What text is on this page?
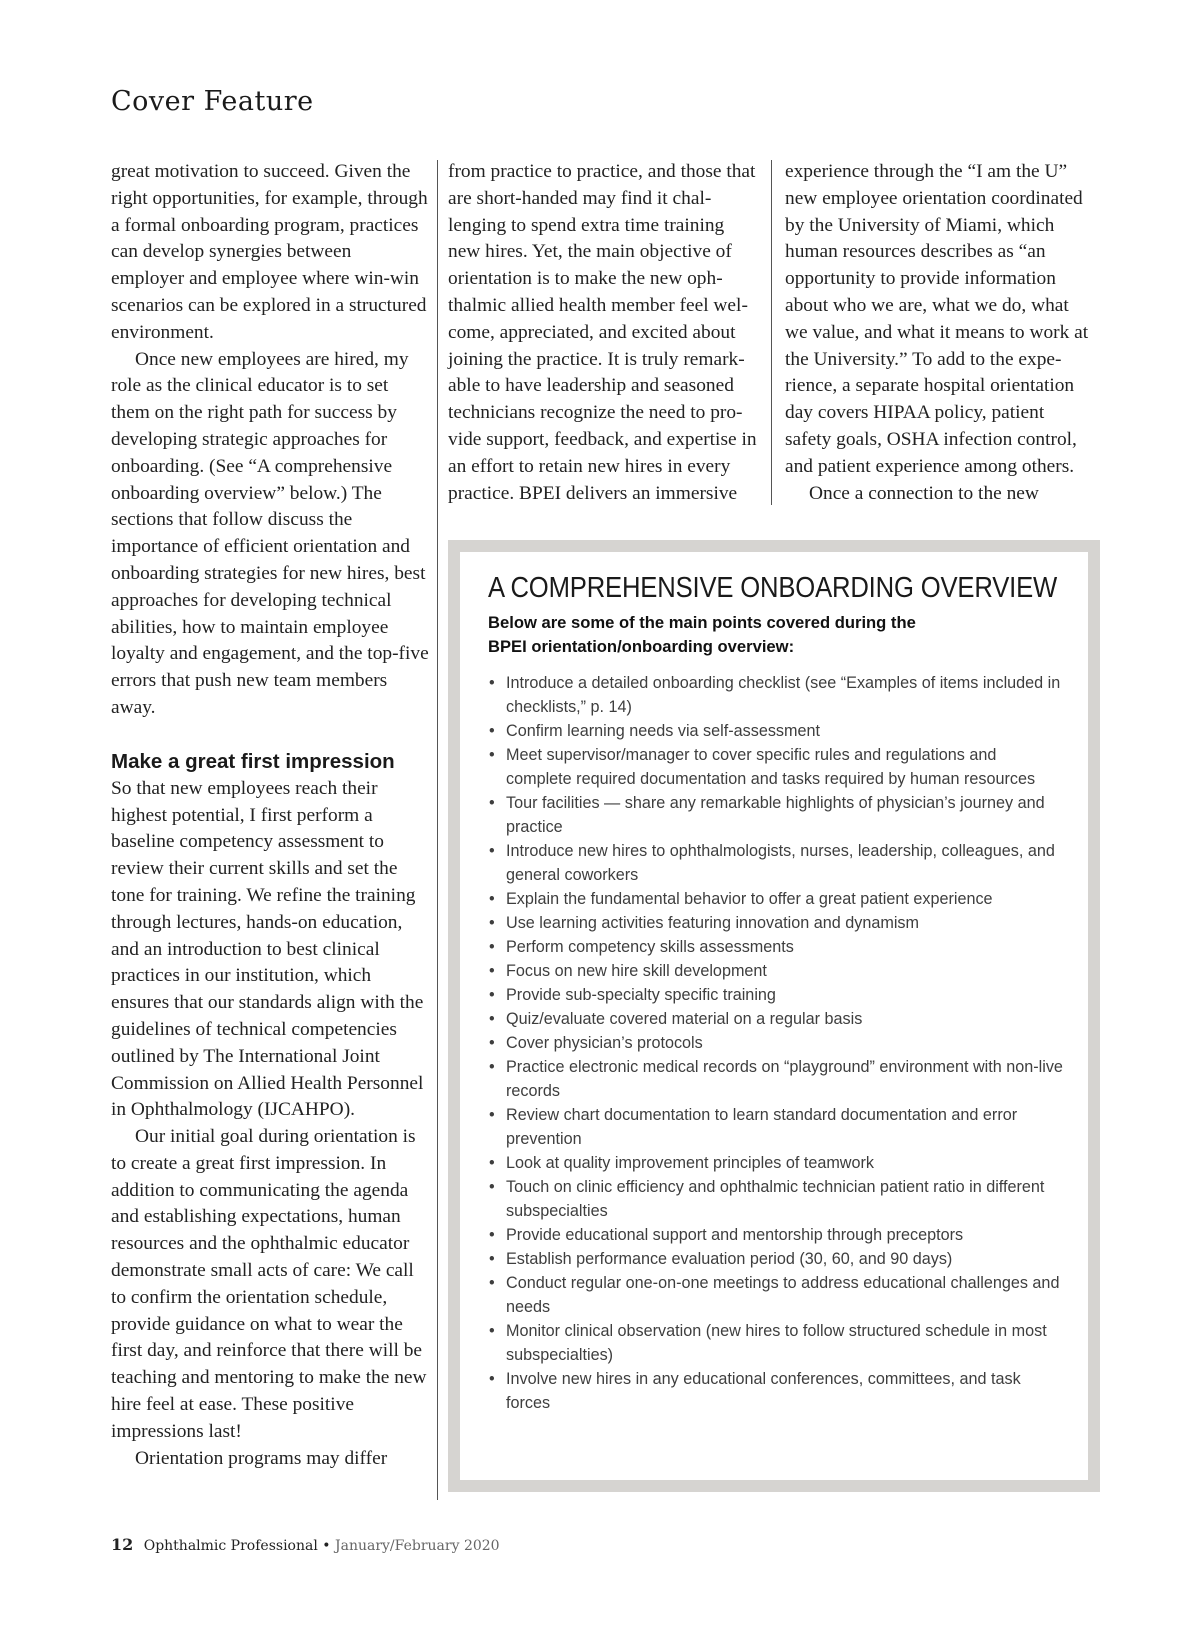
Cover Feature

great motivation to succeed. Given the right opportunities, for example, through a formal onboarding program, practices can develop synergies between employer and employee where win-win scenarios can be explored in a structured environment.

Once new employees are hired, my role as the clinical educator is to set them on the right path for success by developing strategic approaches for onboarding. (See “A comprehensive onboarding overview” below.) The sections that follow discuss the importance of efficient orientation and onboarding strategies for new hires, best approaches for developing technical abilities, how to maintain employee loyalty and engagement, and the top-five errors that push new team members away.

Make a great first impression

So that new employees reach their highest potential, I first perform a baseline competency assessment to review their current skills and set the tone for training. We refine the training through lectures, hands-on education, and an introduction to best clinical practices in our institution, which ensures that our standards align with the guidelines of technical competencies outlined by The International Joint Commission on Allied Health Personnel in Ophthalmology (IJCAHPO).

Our initial goal during orientation is to create a great first impression. In addition to communicating the agenda and establishing expectations, human resources and the ophthalmic educator demonstrate small acts of care: We call to confirm the orientation schedule, provide guidance on what to wear the first day, and reinforce that there will be teaching and mentoring to make the new hire feel at ease. These positive impressions last!

Orientation programs may differ

from practice to practice, and those that are short-handed may find it challenging to spend extra time training new hires. Yet, the main objective of orientation is to make the new ophthalmic allied health member feel welcome, appreciated, and excited about joining the practice. It is truly remarkable to have leadership and seasoned technicians recognize the need to provide support, feedback, and expertise in an effort to retain new hires in every practice. BPEI delivers an immersive

experience through the “I am the U” new employee orientation coordinated by the University of Miami, which human resources describes as “an opportunity to provide information about who we are, what we do, what we value, and what it means to work at the University.” To add to the experience, a separate hospital orientation day covers HIPAA policy, patient safety goals, OSHA infection control, and patient experience among others.

Once a connection to the new

A COMPREHENSIVE ONBOARDING OVERVIEW

Below are some of the main points covered during the BPEI orientation/onboarding overview:

• Introduce a detailed onboarding checklist (see “Examples of items included in checklists,” p. 14)
• Confirm learning needs via self-assessment
• Meet supervisor/manager to cover specific rules and regulations and complete required documentation and tasks required by human resources
• Tour facilities — share any remarkable highlights of physician’s journey and practice
• Introduce new hires to ophthalmologists, nurses, leadership, colleagues, and general coworkers
• Explain the fundamental behavior to offer a great patient experience
• Use learning activities featuring innovation and dynamism
• Perform competency skills assessments
• Focus on new hire skill development
• Provide sub-specialty specific training
• Quiz/evaluate covered material on a regular basis
• Cover physician’s protocols
• Practice electronic medical records on “playground” environment with non-live records
• Review chart documentation to learn standard documentation and error prevention
• Look at quality improvement principles of teamwork
• Touch on clinic efficiency and ophthalmic technician patient ratio in different subspecialties
• Provide educational support and mentorship through preceptors
• Establish performance evaluation period (30, 60, and 90 days)
• Conduct regular one-on-one meetings to address educational challenges and needs
• Monitor clinical observation (new hires to follow structured schedule in most subspecialties)
• Involve new hires in any educational conferences, committees, and task forces
12 Ophthalmic Professional • January/February 2020
